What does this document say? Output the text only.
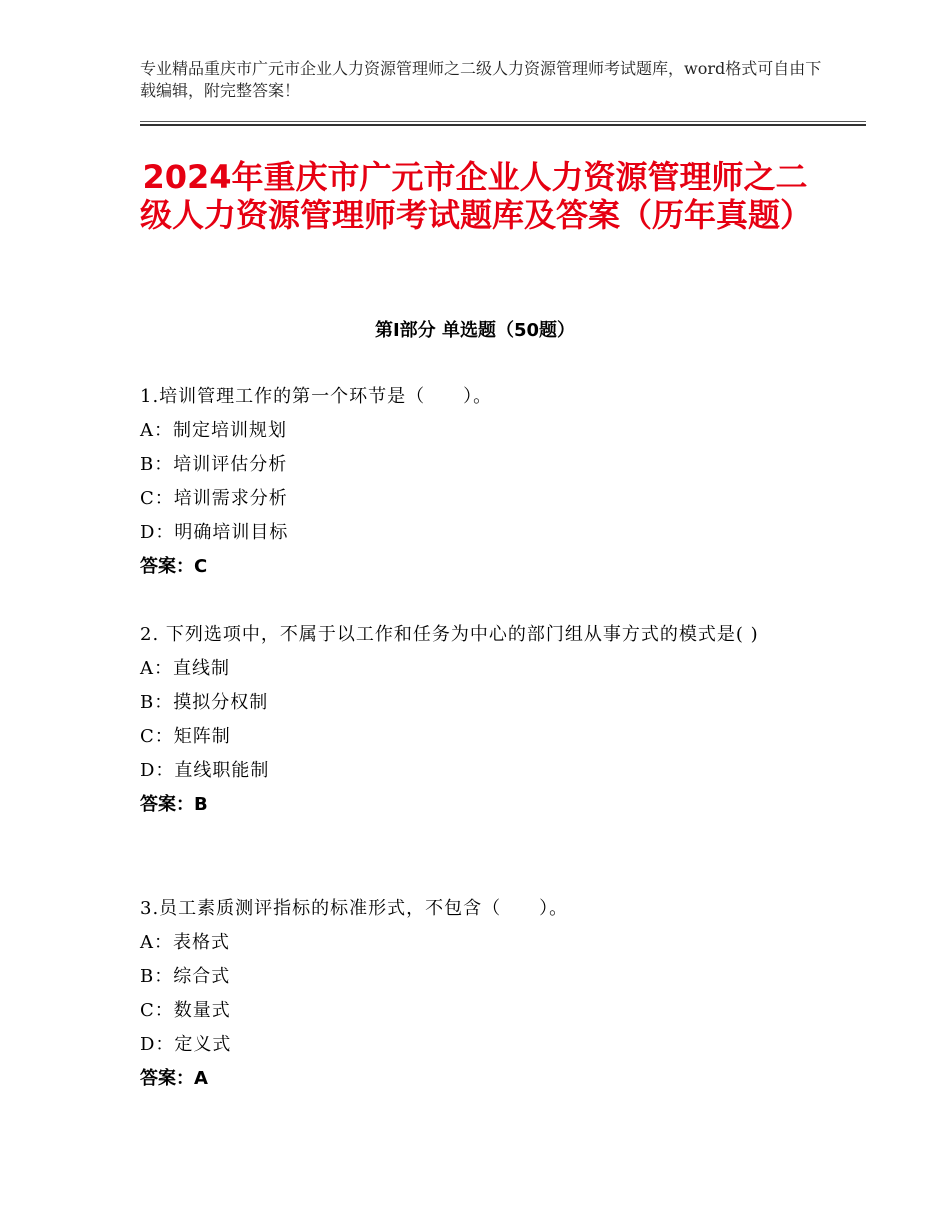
专业精品重庆市广元市企业人力资源管理师之二级人力资源管理师考试题库，word格式可自由下载编辑，附完整答案！
2024年重庆市广元市企业人力资源管理师之二级人力资源管理师考试题库及答案（历年真题）
第Ⅰ部分 单选题（50题）
1.培训管理工作的第一个环节是（　　）。
A：制定培训规划
B：培训评估分析
C：培训需求分析
D：明确培训目标
答案：C
2. 下列选项中，不属于以工作和任务为中心的部门组从事方式的模式是( )
A：直线制
B：摸拟分权制
C：矩阵制
D：直线职能制
答案：B
3.员工素质测评指标的标准形式，不包含（　　）。
A：表格式
B：综合式
C：数量式
D：定义式
答案：A
